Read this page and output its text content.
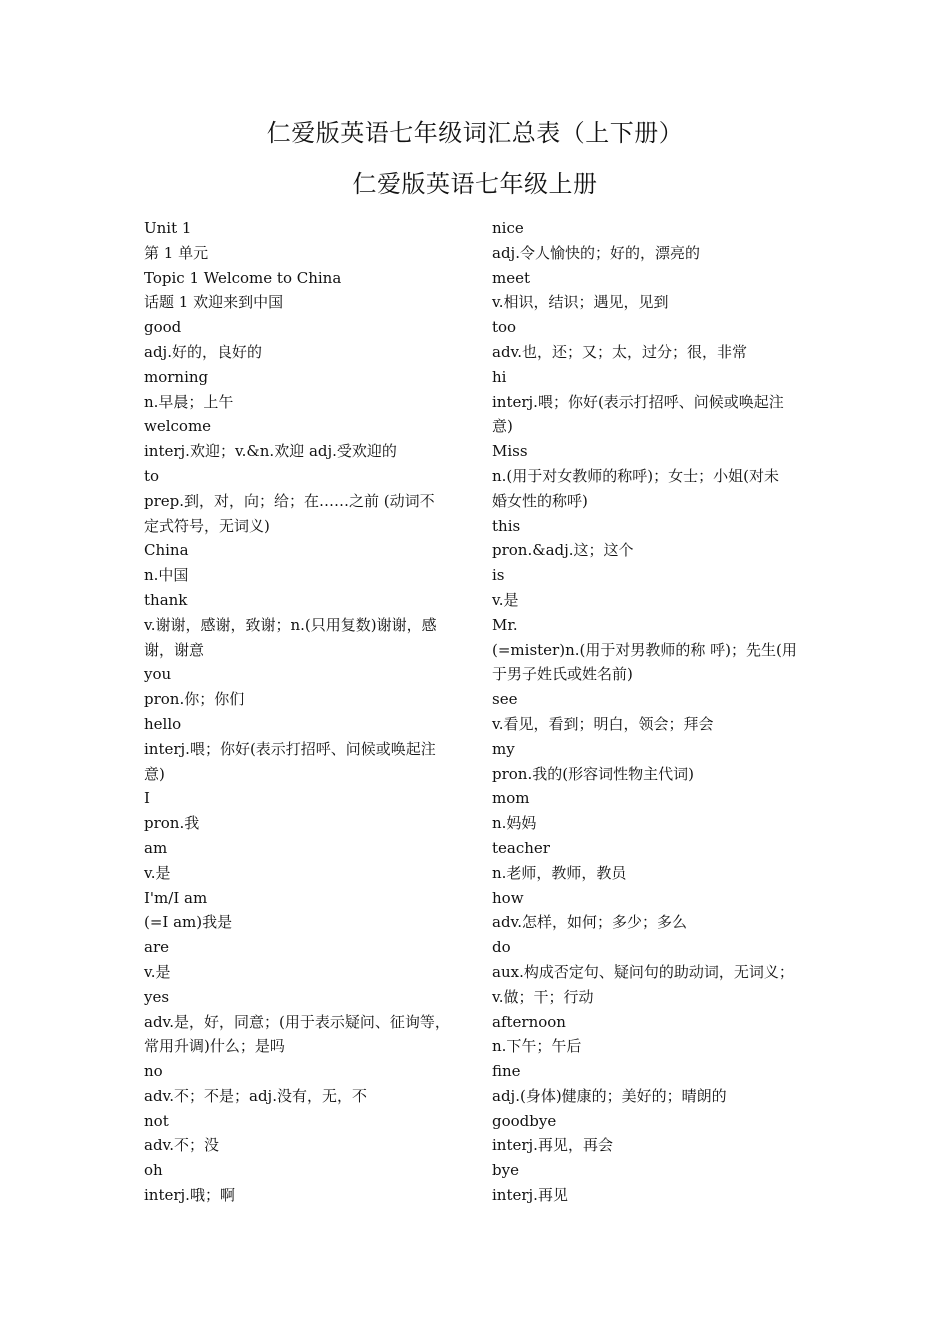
仁爱版英语七年级词汇总表（上下册）
仁爱版英语七年级上册
Unit 1
第 1 单元
Topic 1 Welcome to China
话题 1 欢迎来到中国
good
adj.好的，良好的
morning
n.早晨；上午
welcome
interj.欢迎；v.&n.欢迎 adj.受欢迎的
to
prep.到，对，向；给；在……之前 (动词不
定式符号，无词义)
China
n.中国
thank
v.谢谢，感谢，致谢；n.(只用复数)谢谢，感
谢，谢意
you
pron.你；你们
hello
interj.喂；你好(表示打招呼、问候或唤起注
意)
I
pron.我
am
v.是
I'm/I am
(=I am)我是
are
v.是
yes
adv.是，好，同意；(用于表示疑问、征询等，
常用升调)什么；是吗
no
adv.不；不是；adj.没有，无，不
not
adv.不；没
oh
interj.哦；啊
nice
adj.令人愉快的；好的，漂亮的
meet
v.相识，结识；遇见，见到
too
adv.也，还；又；太，过分；很，非常
hi
interj.喂；你好(表示打招呼、问候或唤起注
意)
Miss
n.(用于对女教师的称呼)；女士；小姐(对未
婚女性的称呼)
this
pron.&adj.这；这个
is
v.是
Mr.
(=mister)n.(用于对男教师的称 呼)；先生(用
于男子姓氏或姓名前)
see
v.看见，看到；明白，领会；拜会
my
pron.我的(形容词性物主代词)
mom
n.妈妈
teacher
n.老师，教师，教员
how
adv.怎样，如何；多少；多么
do
aux.构成否定句、疑问句的助动词，无词义；
v.做；干；行动
afternoon
n.下午；午后
fine
adj.(身体)健康的；美好的；晴朗的
goodbye
interj.再见，再会
bye
interj.再见
